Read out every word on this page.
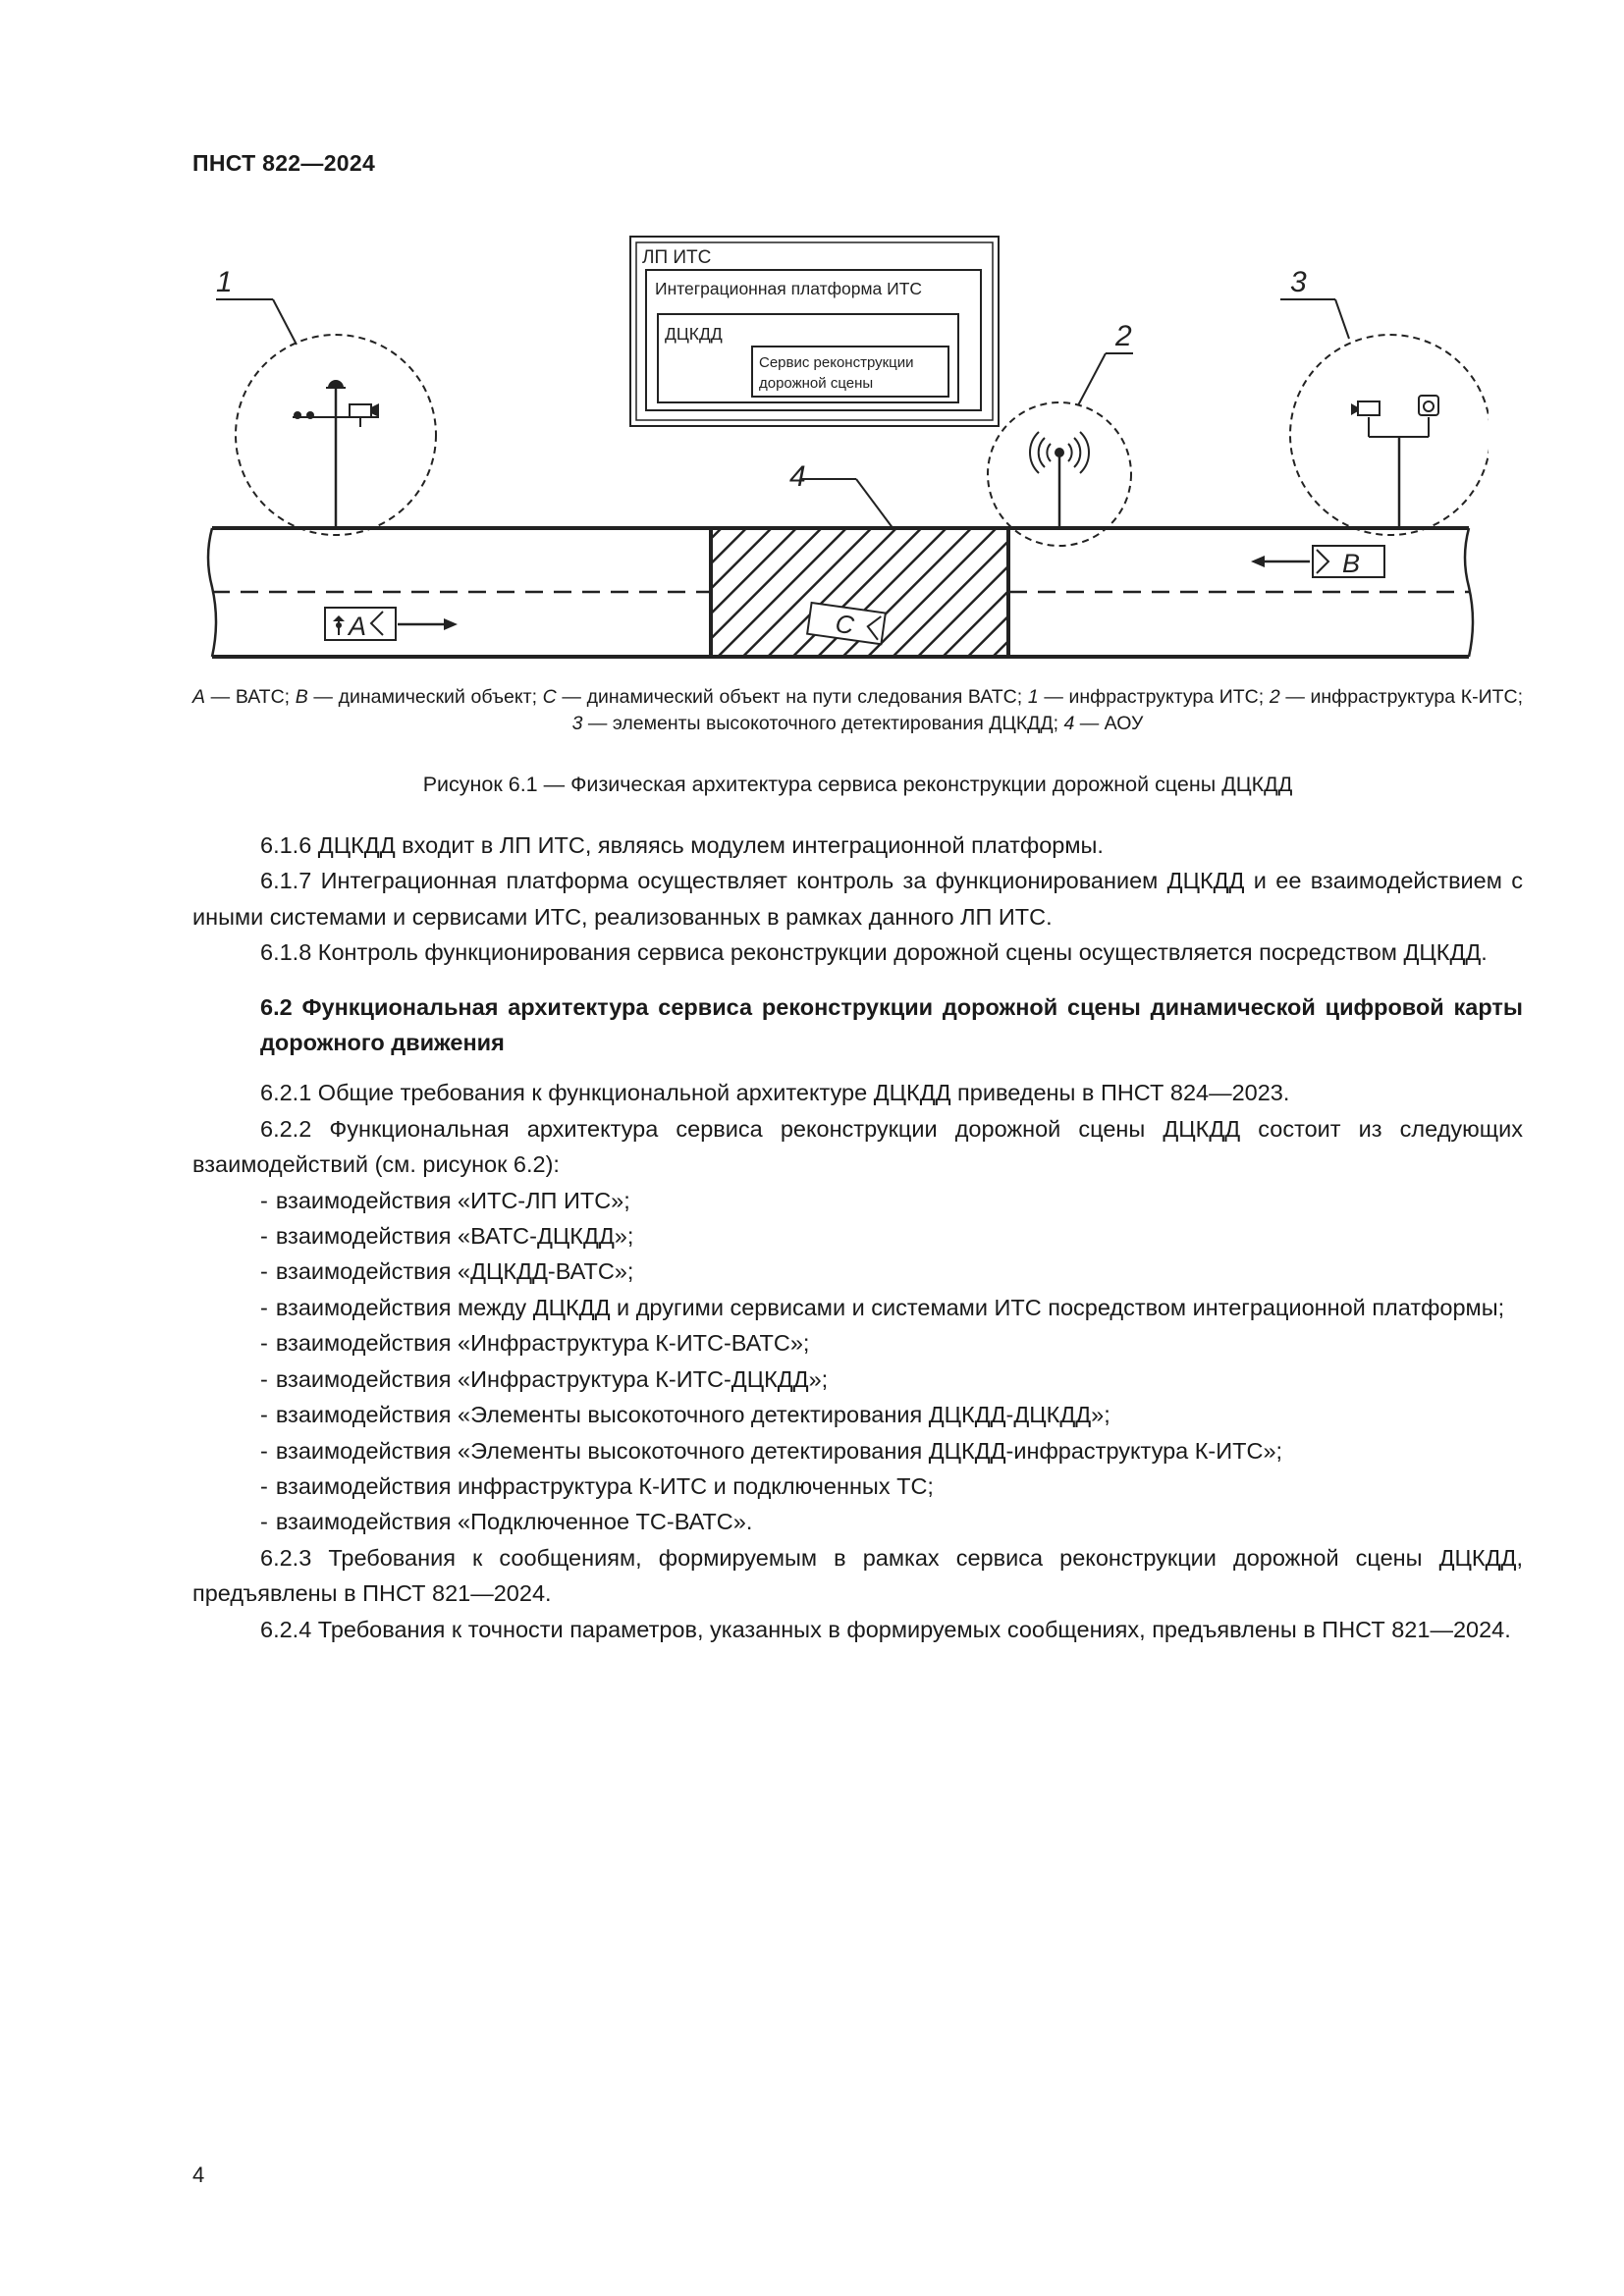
ПНСТ 822—2024
ЛП ИТС
Интеграционная платформа ИТС
ДЦКДД
Сервис реконструкции
дорожной сцены
1
2
3
4
A
B
C
A — ВАТС; B — динамический объект; C — динамический объект на пути следования ВАТС; 1 — инфраструктура ИТС; 2 — инфраструктура К-ИТС; 3 — элементы высокоточного детектирования ДЦКДД; 4 — АОУ
Рисунок 6.1 — Физическая архитектура сервиса реконструкции дорожной сцены ДЦКДД

6.1.6 ДЦКДД входит в ЛП ИТС, являясь модулем интеграционной платформы.

6.1.7 Интеграционная платформа осуществляет контроль за функционированием ДЦКДД и ее взаимодействием с иными системами и сервисами ИТС, реализованных в рамках данного ЛП ИТС.

6.1.8 Контроль функционирования сервиса реконструкции дорожной сцены осуществляется посредством ДЦКДД.

6.2 Функциональная архитектура сервиса реконструкции дорожной сцены динамической цифровой карты дорожного движения

6.2.1 Общие требования к функциональной архитектуре ДЦКДД приведены в ПНСТ 824—2023.

6.2.2 Функциональная архитектура сервиса реконструкции дорожной сцены ДЦКДД состоит из следующих взаимодействий (см. рисунок 6.2):

- взаимодействия «ИТС-ЛП ИТС»;

- взаимодействия «ВАТС-ДЦКДД»;

- взаимодействия «ДЦКДД-ВАТС»;

- взаимодействия между ДЦКДД и другими сервисами и системами ИТС посредством интеграционной платформы;

- взаимодействия «Инфраструктура К-ИТС-ВАТС»;

- взаимодействия «Инфраструктура К-ИТС-ДЦКДД»;

- взаимодействия «Элементы высокоточного детектирования ДЦКДД-ДЦКДД»;

- взаимодействия «Элементы высокоточного детектирования ДЦКДД-инфраструктура К-ИТС»;

- взаимодействия инфраструктура К-ИТС и подключенных ТС;

- взаимодействия «Подключенное ТС-ВАТС».

6.2.3 Требования к сообщениям, формируемым в рамках сервиса реконструкции дорожной сцены ДЦКДД, предъявлены в ПНСТ 821—2024.

6.2.4 Требования к точности параметров, указанных в формируемых сообщениях, предъявлены в ПНСТ 821—2024.

4
